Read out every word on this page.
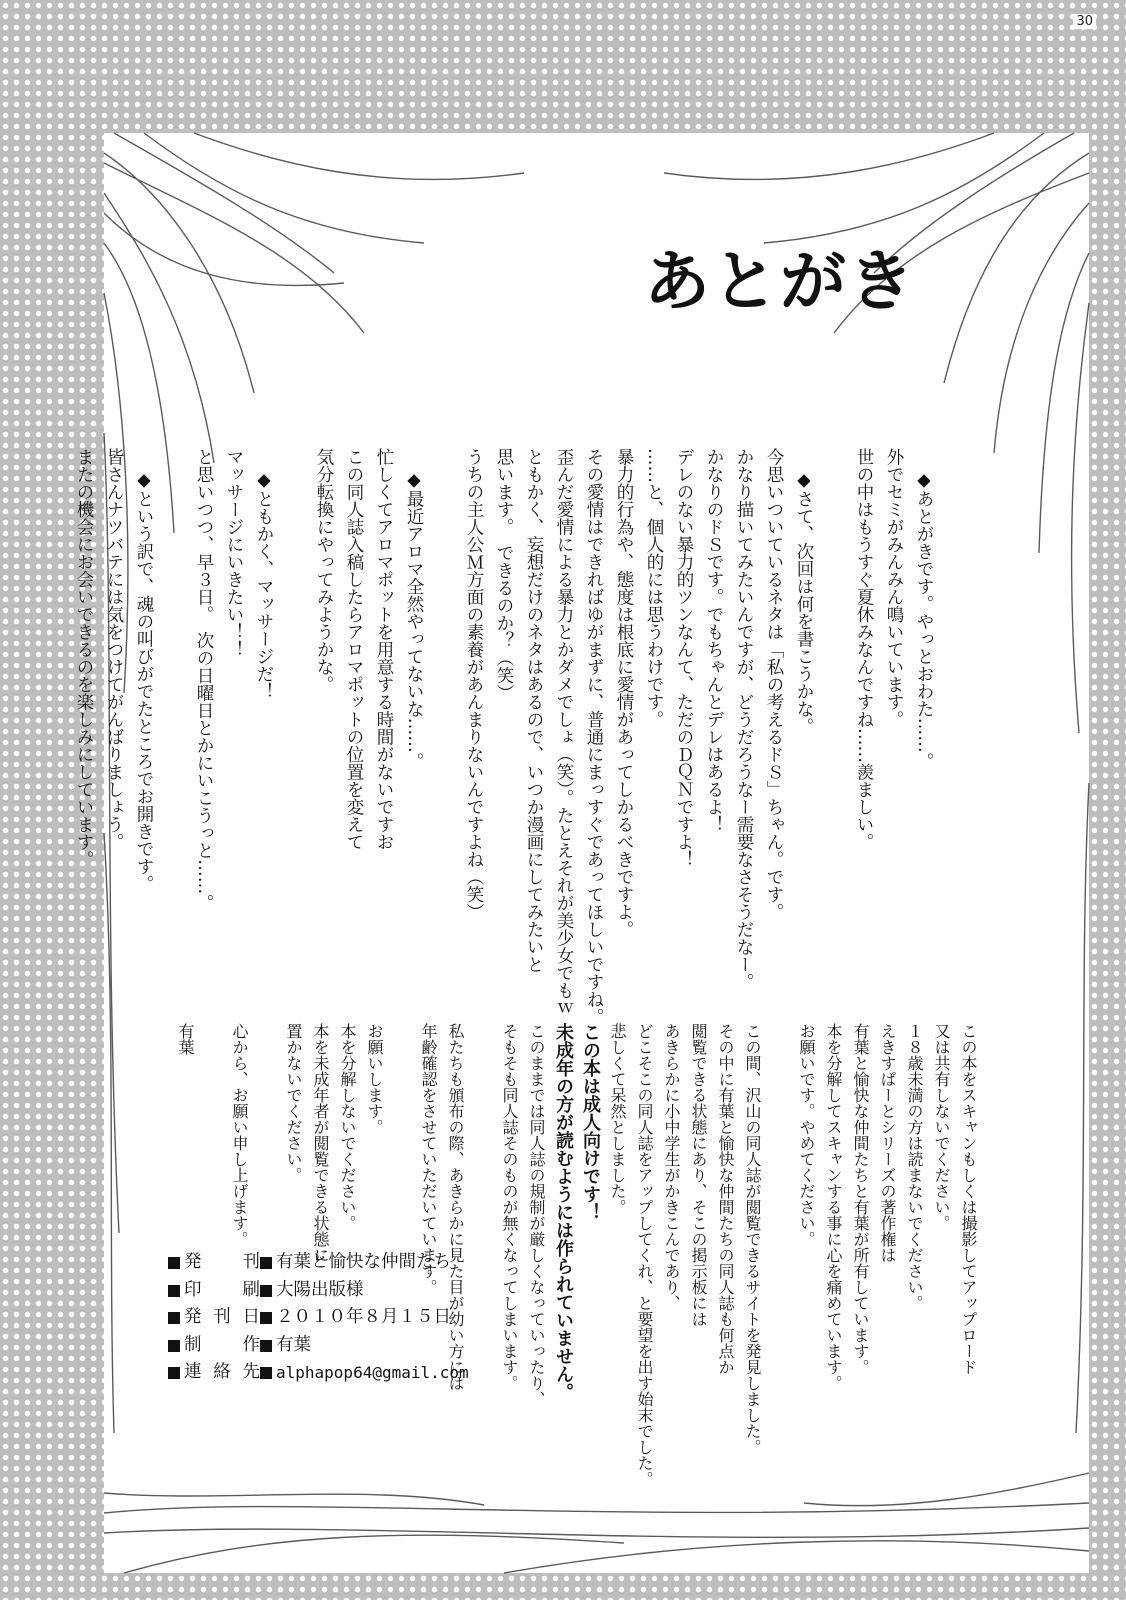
30
あとがき

◆あとがきです。やっとおわた……。
外でセミがみんみん鳴いています。
世の中はもうすぐ夏休みなんですね……羨ましい。

◆さて、次回は何を書こうかな。
今思いついているネタは「私の考えるドＳ」ちゃん。です。
かなり描いてみたいんですが、どうだろうなー需要なさそうだなー。
かなりのドＳです。でもちゃんとデレはあるよ！
デレのない暴力的ツンなんて、ただのＤＱＮですよ！
……と、個人的には思うわけです。
暴力的行為や、態度は根底に愛情があってしかるべきですよ。
その愛情はできればゆがまずに、普通にまっすぐであってほしいですね。
歪んだ愛情による暴力とかダメでしょ（笑）。たとえそれが美少女でもｗ
ともかく、妄想だけのネタはあるので、いつか漫画にしてみたいと
思います。　できるのか？（笑）
うちの主人公Ｍ方面の素養があんまりないんですよね（笑）

◆最近アロマ全然やってないな……。
忙しくてアロマポットを用意する時間がないですお
この同人誌入稿したらアロマポットの位置を変えて
気分転換にやってみようかな。

◆ともかく、マッサージだ！
マッサージにいきたい！！
と思いつつ、早３日。　次の日曜日とかにいこうっと……。

◆という訳で、魂の叫びがでたところでお開きです。
皆さんナツバテには気をつけてがんばりましょう。
またの機会にお会いできるのを楽しみにしています。

この本をスキャンもしくは撮影してアップロード
又は共有しないでください。
１８歳未満の方は読まないでください。
えきすぱーとシリーズの著作権は
有葉と愉快な仲間たちと有葉が所有しています。
本を分解してスキャンする事に心を痛めています。
お願いです。やめてください。

この間、沢山の同人誌が閲覧できるサイトを発見しました。
その中に有葉と愉快な仲間たちの同人誌も何点か
閲覧できる状態にあり、そこの掲示板には
あきらかに小中学生がかきこんであり、
どこそこの同人誌をアップしてくれ、と要望を出す始末でした。
悲しくて呆然としました。
この本は成人向けです！
未成年の方が読むようには作られていません。
このままでは同人誌の規制が厳しくなっていったり、
そもそも同人誌そのものが無くなってしまいます。

私たちも頒布の際、あきらかに見た目が幼い方には
年齢確認をさせていただいています。

お願いします。
本を分解しないでください。
本を未成年者が閲覧できる状態に
置かないでください。

心から、お願い申し上げます。

有葉

発　刊 有葉と愉快な仲間たち
印　刷 大陽出版様
発刊日 ２０１０年８月１５日
制　作 有葉
連絡先 alphapop64@gmail.com
